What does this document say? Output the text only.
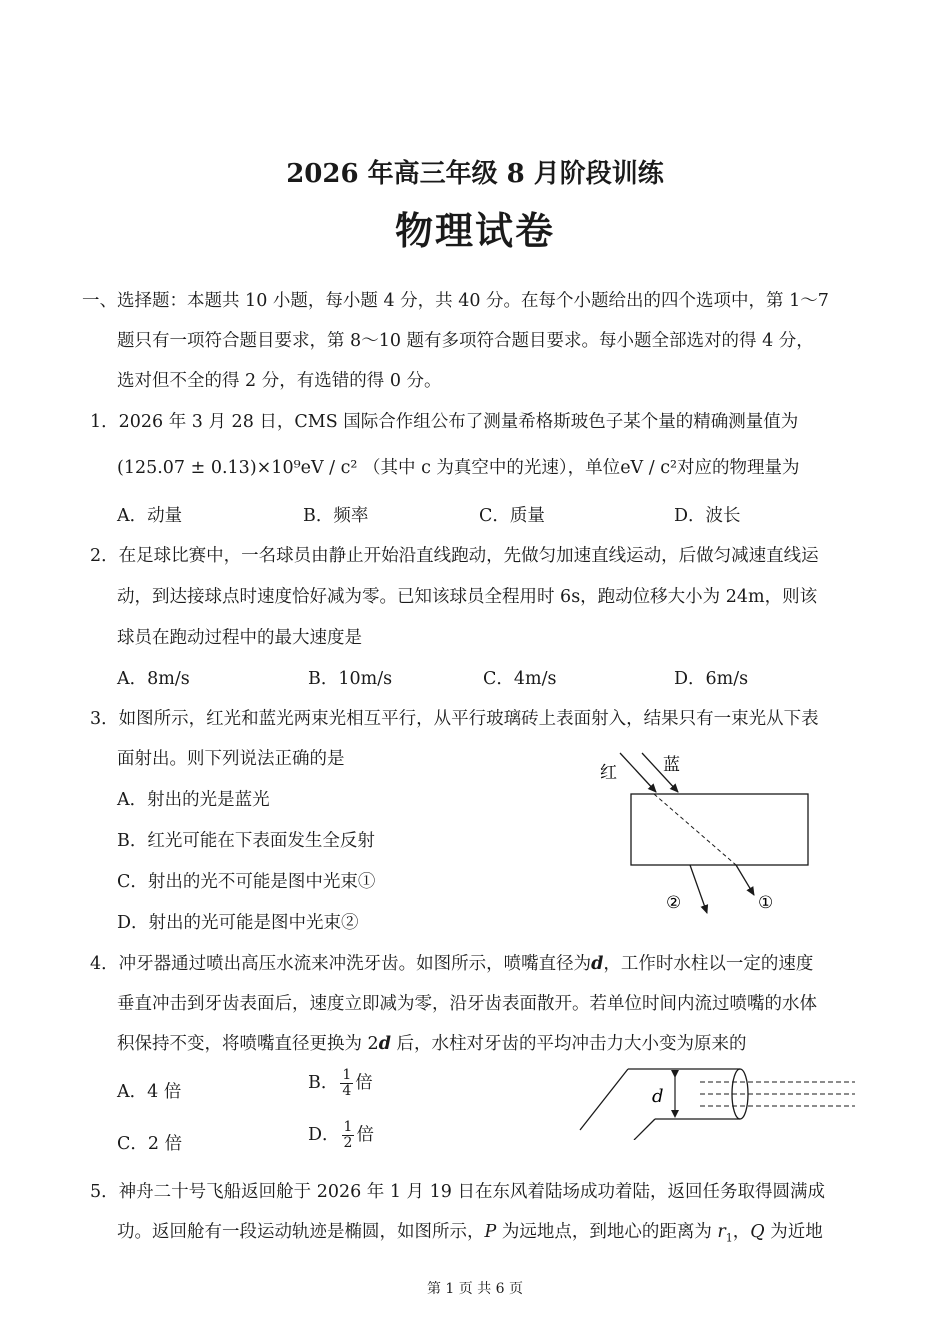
2026 年高三年级 8 月阶段训练
物理试卷
一、选择题：本题共 10 小题，每小题 4 分，共 40 分。在每个小题给出的四个选项中，第 1～7
题只有一项符合题目要求，第 8～10 题有多项符合题目要求。每小题全部选对的得 4 分，
选对但不全的得 2 分，有选错的得 0 分。
1．2026 年 3 月 28 日，CMS 国际合作组公布了测量希格斯玻色子某个量的精确测量值为
(125.07 ± 0.13)×10⁹eV / c² （其中 c 为真空中的光速），单位eV / c²对应的物理量为
A．动量	B．频率	C．质量	D．波长
2．在足球比赛中，一名球员由静止开始沿直线跑动，先做匀加速直线运动，后做匀减速直线运
动，到达接球点时速度恰好减为零。已知该球员全程用时 6s，跑动位移大小为 24m，则该
球员在跑动过程中的最大速度是
A．8m/s	B．10m/s	C．4m/s	D．6m/s
3．如图所示，红光和蓝光两束光相互平行，从平行玻璃砖上表面射入，结果只有一束光从下表
面射出。则下列说法正确的是
A．射出的光是蓝光
B．红光可能在下表面发生全反射
C．射出的光不可能是图中光束①
D．射出的光可能是图中光束②
红	蓝
②	①
4．冲牙器通过喷出高压水流来冲洗牙齿。如图所示，喷嘴直径为d，工作时水柱以一定的速度
垂直冲击到牙齿表面后，速度立即减为零，沿牙齿表面散开。若单位时间内流过喷嘴的水体
积保持不变，将喷嘴直径更换为 2d 后，水柱对牙齿的平均冲击力大小变为原来的
A．4 倍	B． $\frac{1}{4}$ 倍
C．2 倍	D． $\frac{1}{2}$ 倍
d
5．神舟二十号飞船返回舱于 2026 年 1 月 19 日在东风着陆场成功着陆，返回任务取得圆满成
功。返回舱有一段运动轨迹是椭圆，如图所示，P 为远地点，到地心的距离为 $r_1$，Q 为近地
第 1 页 共 6 页
